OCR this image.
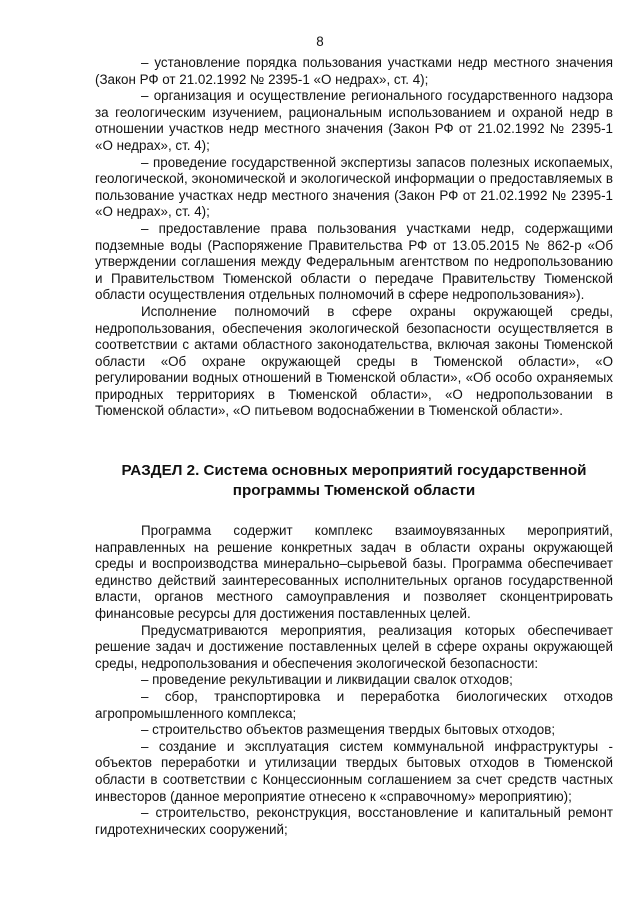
8

– установление порядка пользования участками недр местного значения (Закон РФ от 21.02.1992 № 2395-1 «О недрах», ст. 4);

– организация и осуществление регионального государственного надзора за геологическим изучением, рациональным использованием и охраной недр в отношении участков недр местного значения (Закон РФ от 21.02.1992 № 2395-1 «О недрах», ст. 4);

– проведение государственной экспертизы запасов полезных ископаемых, геологической, экономической и экологической информации о предоставляемых в пользование участках недр местного значения (Закон РФ от 21.02.1992 № 2395-1 «О недрах», ст. 4);

– предоставление права пользования участками недр, содержащими подземные воды (Распоряжение Правительства РФ от 13.05.2015 № 862-р «Об утверждении соглашения между Федеральным агентством по недропользованию и Правительством Тюменской области о передаче Правительству Тюменской области осуществления отдельных полномочий в сфере недропользования»).

Исполнение полномочий в сфере охраны окружающей среды, недропользования, обеспечения экологической безопасности осуществляется в соответствии с актами областного законодательства, включая законы Тюменской области «Об охране окружающей среды в Тюменской области», «О регулировании водных отношений в Тюменской области», «Об особо охраняемых природных территориях в Тюменской области», «О недропользовании в Тюменской области», «О питьевом водоснабжении в Тюменской области».

РАЗДЕЛ 2. Система основных мероприятий государственной
программы Тюменской области

Программа содержит комплекс взаимоувязанных мероприятий, направленных на решение конкретных задач в области охраны окружающей среды и воспроизводства минерально–сырьевой базы. Программа обеспечивает единство действий заинтересованных исполнительных органов государственной власти, органов местного самоуправления и позволяет сконцентрировать финансовые ресурсы для достижения поставленных целей.

Предусматриваются мероприятия, реализация которых обеспечивает решение задач и достижение поставленных целей в сфере охраны окружающей среды, недропользования и обеспечения экологической безопасности:

– проведение рекультивации и ликвидации свалок отходов;

– сбор, транспортировка и переработка биологических отходов агропромышленного комплекса;

– строительство объектов размещения твердых бытовых отходов;

– создание и эксплуатация систем коммунальной инфраструктуры - объектов переработки и утилизации твердых бытовых отходов в Тюменской области в соответствии с Концессионным соглашением за счет средств частных инвесторов (данное мероприятие отнесено к «справочному» мероприятию);

– строительство, реконструкция, восстановление и капитальный ремонт гидротехнических сооружений;
